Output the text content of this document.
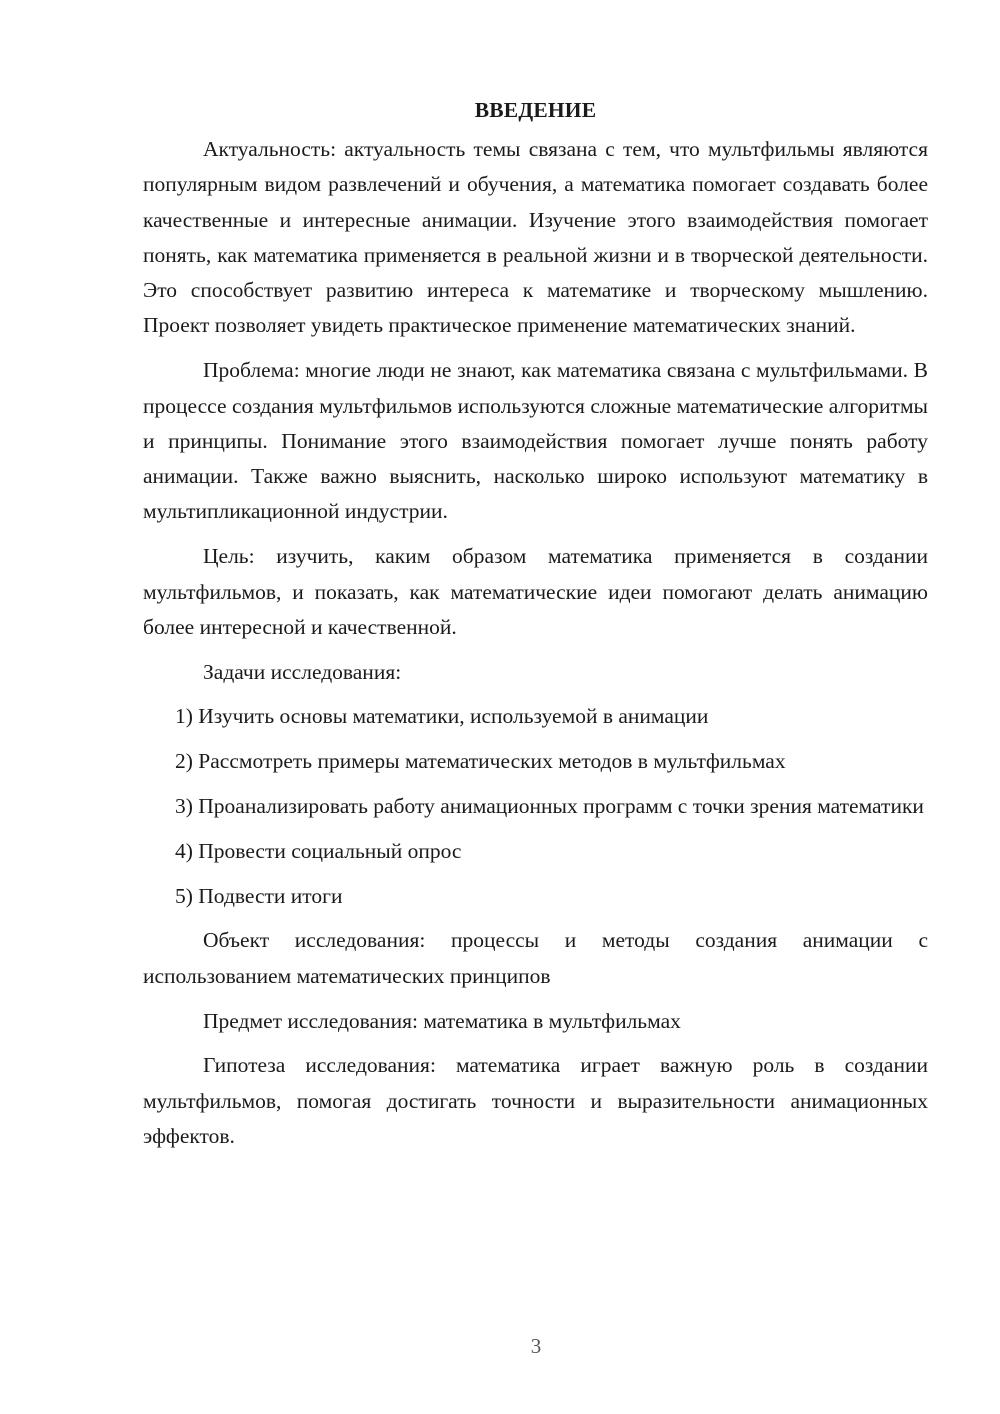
ВВЕДЕНИЕ

Актуальность: актуальность темы связана с тем, что мультфильмы являются популярным видом развлечений и обучения, а математика помогает создавать более качественные и интересные анимации. Изучение этого взаимодействия помогает понять, как математика применяется в реальной жизни и в творческой деятельности. Это способствует развитию интереса к математике и творческому мышлению. Проект позволяет увидеть практическое применение математических знаний.

Проблема: многие люди не знают, как математика связана с мультфильмами. В процессе создания мультфильмов используются сложные математические алгоритмы и принципы. Понимание этого взаимодействия помогает лучше понять работу анимации. Также важно выяснить, насколько широко используют математику в мультипликационной индустрии.

Цель: изучить, каким образом математика применяется в создании мультфильмов, и показать, как математические идеи помогают делать анимацию более интересной и качественной.

Задачи исследования:

1) Изучить основы математики, используемой в анимации

2) Рассмотреть примеры математических методов в мультфильмах

3) Проанализировать работу анимационных программ с точки зрения математики

4) Провести социальный опрос

5) Подвести итоги

Объект исследования: процессы и методы создания анимации с использованием математических принципов

Предмет исследования: математика в мультфильмах

Гипотеза исследования: математика играет важную роль в создании мультфильмов, помогая достигать точности и выразительности анимационных эффектов.

3
